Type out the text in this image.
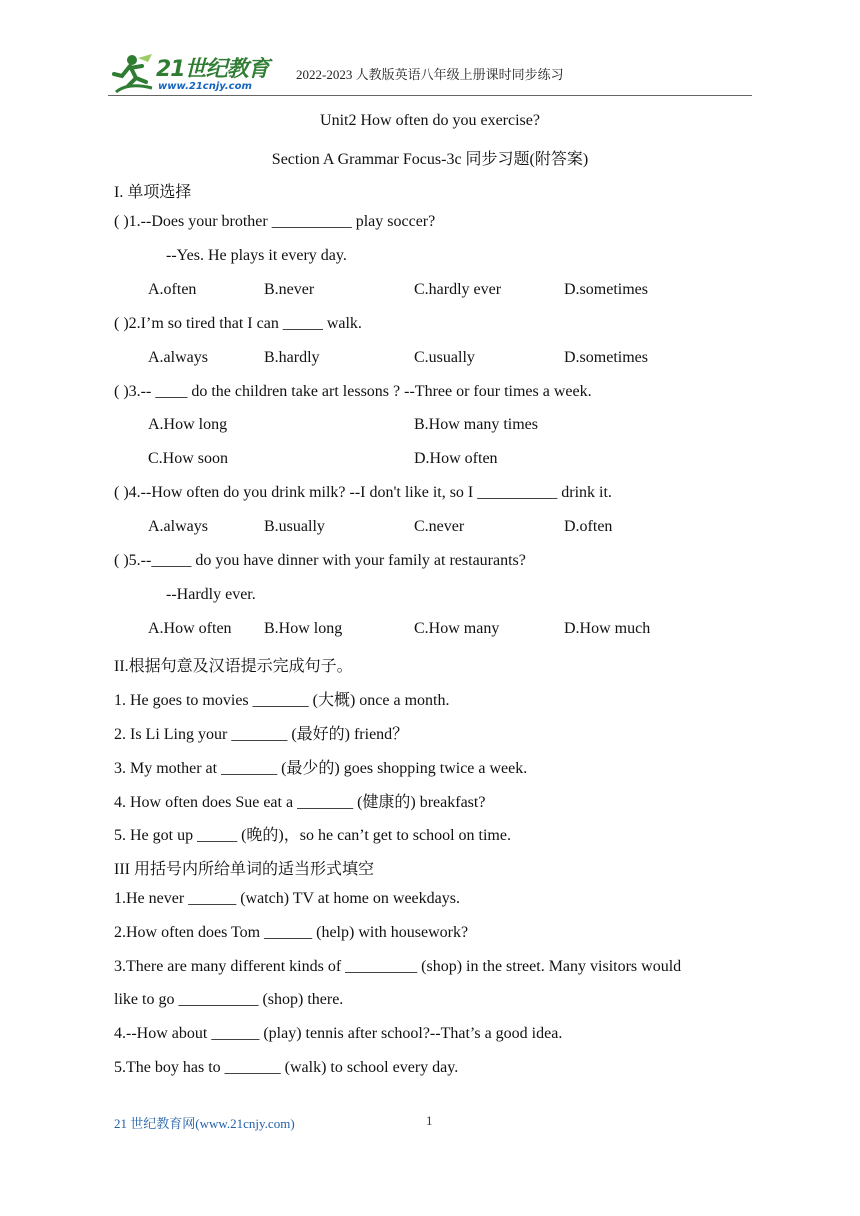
21世纪教育
www.21cnjy.com
2022-2023 人教版英语八年级上册课时同步练习
Unit2 How often do you exercise?
Section A Grammar Focus-3c 同步习题(附答案)
I. 单项选择
( )1.--Does your brother __________ play soccer?
--Yes. He plays it every day.
A.often	B.never	C.hardly ever	D.sometimes
( )2.I’m so tired that I can _____ walk.
A.always	B.hardly	C.usually	D.sometimes
( )3.-- ____ do the children take art lessons ? --Three or four times a week.
A.How long	B.How many times
C.How soon	D.How often
( )4.--How often do you drink milk? --I don't like it, so I __________ drink it.
A.always	B.usually	C.never	D.often
( )5.--_____ do you have dinner with your family at restaurants?
--Hardly ever.
A.How often B.How long	C.How many	D.How much
II.根据句意及汉语提示完成句子。
1. He goes to movies _______ (大概) once a month.
2. Is Li Ling your _______ (最好的) friend？
3. My mother at _______ (最少的) goes shopping twice a week.
4. How often does Sue eat a _______ (健康的) breakfast?
5. He got up _____ (晚的)，so he can’t get to school on time.
III 用括号内所给单词的适当形式填空
1.He never ______ (watch) TV at home on weekdays.
2.How often does Tom ______ (help) with housework?
3.There are many different kinds of _________ (shop) in the street. Many visitors would
like to go __________ (shop) there.
4.--How about ______ (play) tennis after school?--That’s a good idea.
5.The boy has to _______ (walk) to school every day.
21 世纪教育网(www.21cnjy.com)	1
